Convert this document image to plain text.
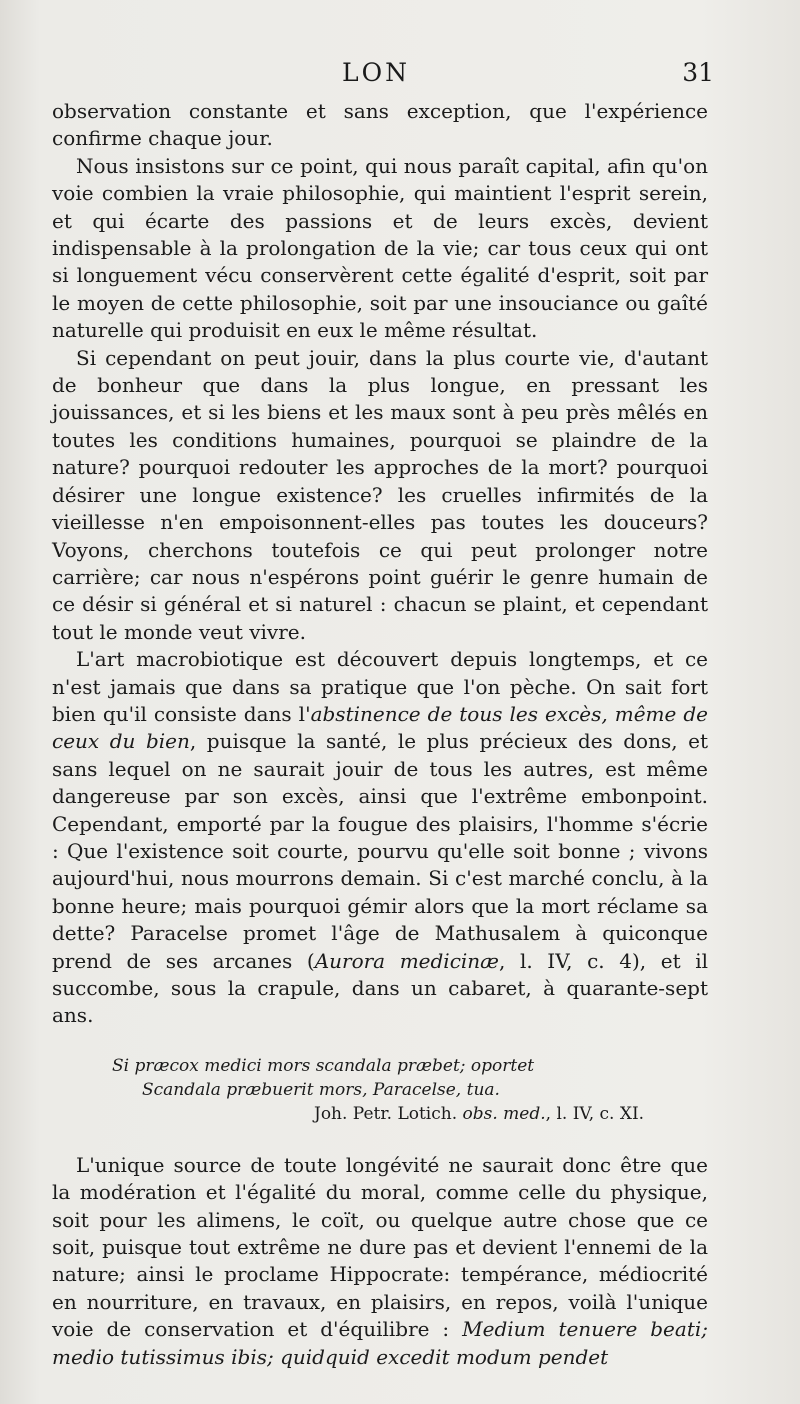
LON	31

observation constante et sans exception, que l'expérience confirme chaque jour.

Nous insistons sur ce point, qui nous paraît capital, afin qu'on voie combien la vraie philosophie, qui maintient l'esprit serein, et qui écarte des passions et de leurs excès, devient indispensable à la prolongation de la vie; car tous ceux qui ont si longuement vécu conservèrent cette égalité d'esprit, soit par le moyen de cette philosophie, soit par une insouciance ou gaîté naturelle qui produisit en eux le même résultat.

Si cependant on peut jouir, dans la plus courte vie, d'autant de bonheur que dans la plus longue, en pressant les jouissances, et si les biens et les maux sont à peu près mêlés en toutes les conditions humaines, pourquoi se plaindre de la nature? pourquoi redouter les approches de la mort? pourquoi désirer une longue existence? les cruelles infirmités de la vieillesse n'en empoisonnent-elles pas toutes les douceurs? Voyons, cherchons toutefois ce qui peut prolonger notre carrière; car nous n'espérons point guérir le genre humain de ce désir si général et si naturel : chacun se plaint, et cependant tout le monde veut vivre.

L'art macrobiotique est découvert depuis longtemps, et ce n'est jamais que dans sa pratique que l'on pèche. On sait fort bien qu'il consiste dans l'abstinence de tous les excès, même de ceux du bien, puisque la santé, le plus précieux des dons, et sans lequel on ne saurait jouir de tous les autres, est même dangereuse par son excès, ainsi que l'extrême embonpoint. Cependant, emporté par la fougue des plaisirs, l'homme s'écrie : Que l'existence soit courte, pourvu qu'elle soit bonne ; vivons aujourd'hui, nous mourrons demain. Si c'est marché conclu, à la bonne heure; mais pourquoi gémir alors que la mort réclame sa dette? Paracelse promet l'âge de Mathusalem à quiconque prend de ses arcanes (Aurora medicinæ, l. IV, c. 4), et il succombe, sous la crapule, dans un cabaret, à quarante-sept ans.

Si præcox medici mors scandala præbet; oportet
Scandala præbuerit mors, Paracelse, tua.
Joh. Petr. Lotich. obs. med., l. IV, c. XI.

L'unique source de toute longévité ne saurait donc être que la modération et l'égalité du moral, comme celle du physique, soit pour les alimens, le coït, ou quelque autre chose que ce soit, puisque tout extrême ne dure pas et devient l'ennemi de la nature; ainsi le proclame Hippocrate: tempérance, médiocrité en nourriture, en travaux, en plaisirs, en repos, voilà l'unique voie de conservation et d'équilibre : Medium tenuere beati; medio tutissimus ibis; quidquid excedit modum pendet
